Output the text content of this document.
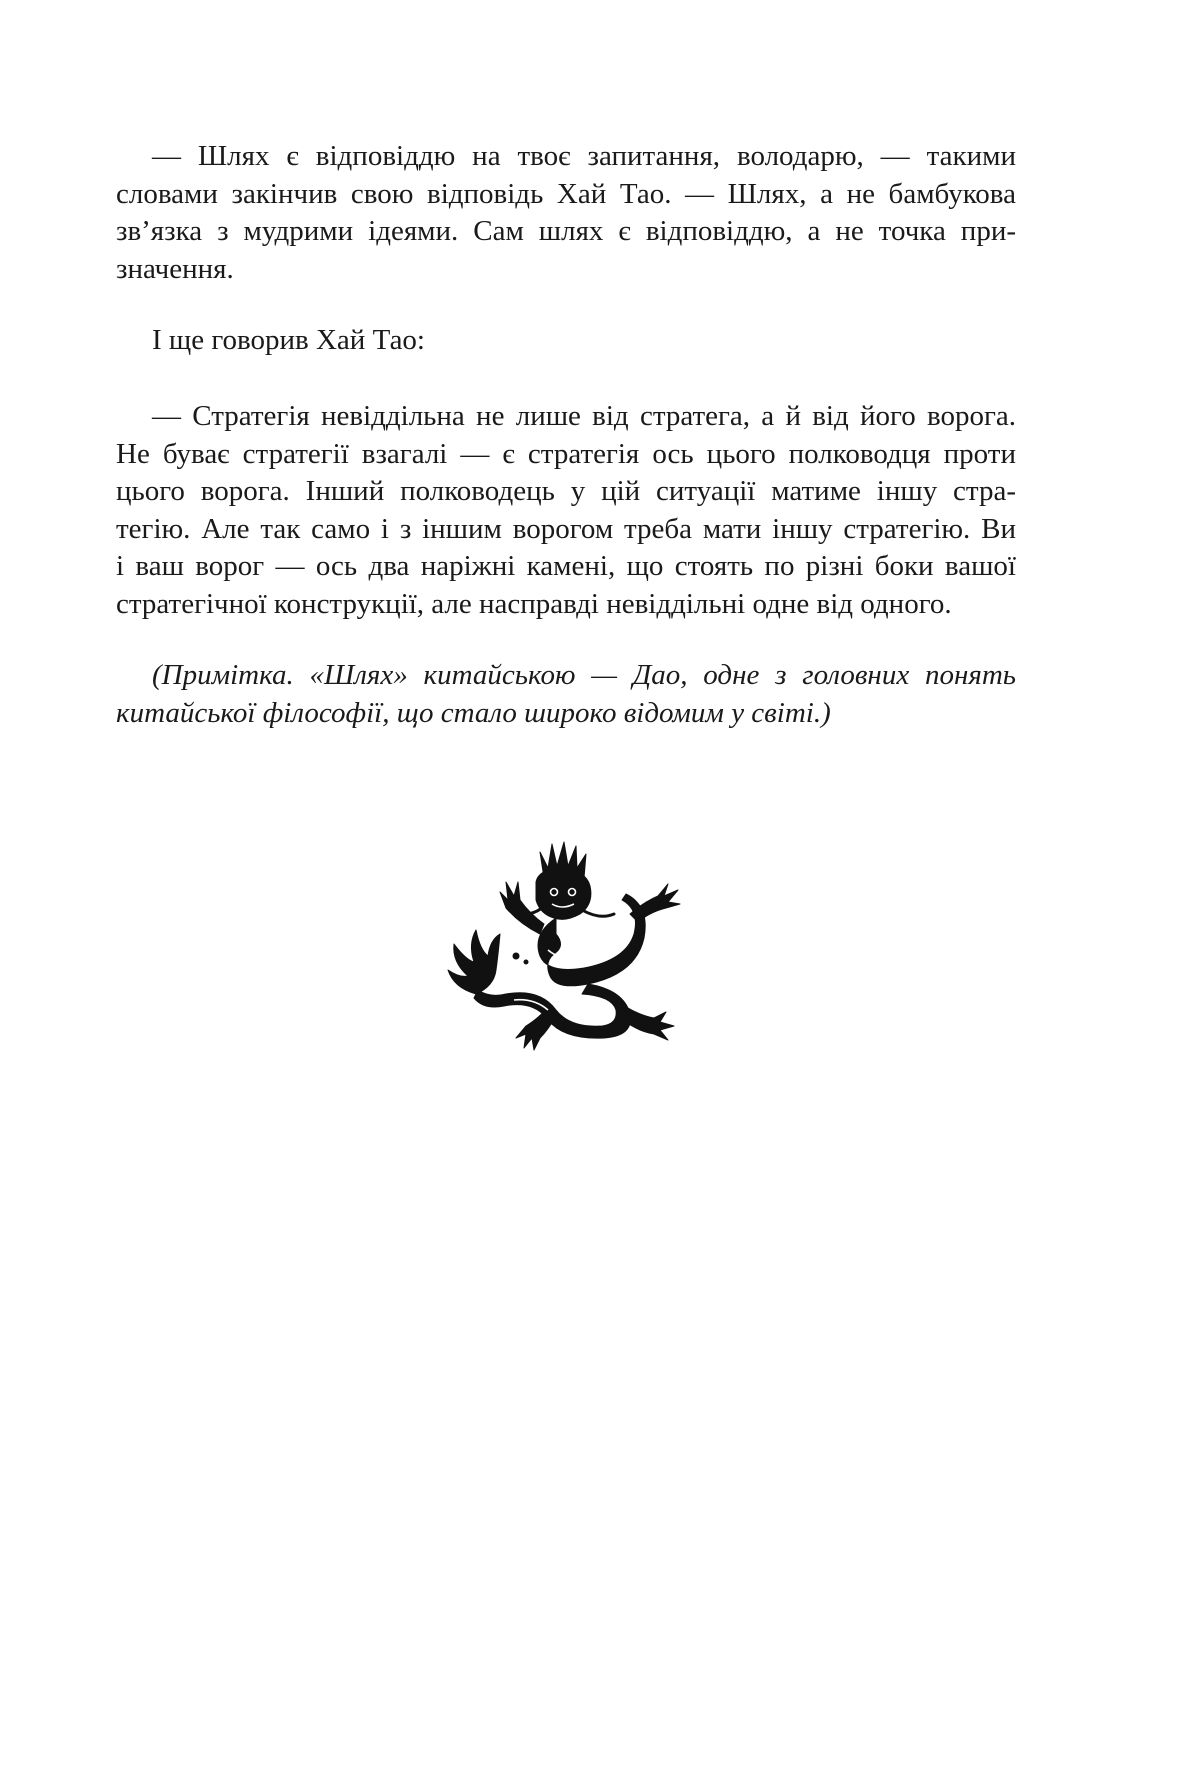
— Шлях є відповіддю на твоє запитання, володарю, — такими
словами закінчив свою відповідь Хай Тао. — Шлях, а не бамбукова
зв’язка з мудрими ідеями. Сам шлях є відповіддю, а не точка при-
значення.
І ще говорив Хай Тао:
— Стратегія невіддільна не лише від стратега, а й від його ворога.
Не буває стратегії взагалі — є стратегія ось цього полководця проти
цього ворога. Інший полководець у цій ситуації матиме іншу стра-
тегію. Але так само і з іншим ворогом треба мати іншу стратегію. Ви
і ваш ворог — ось два наріжні камені, що стоять по різні боки вашої
стратегічної конструкції, але насправді невіддільні одне від одного.
(Примітка. «Шлях» китайською — Дао, одне з головних понять
китайської філософії, що стало широко відомим у світі.)
